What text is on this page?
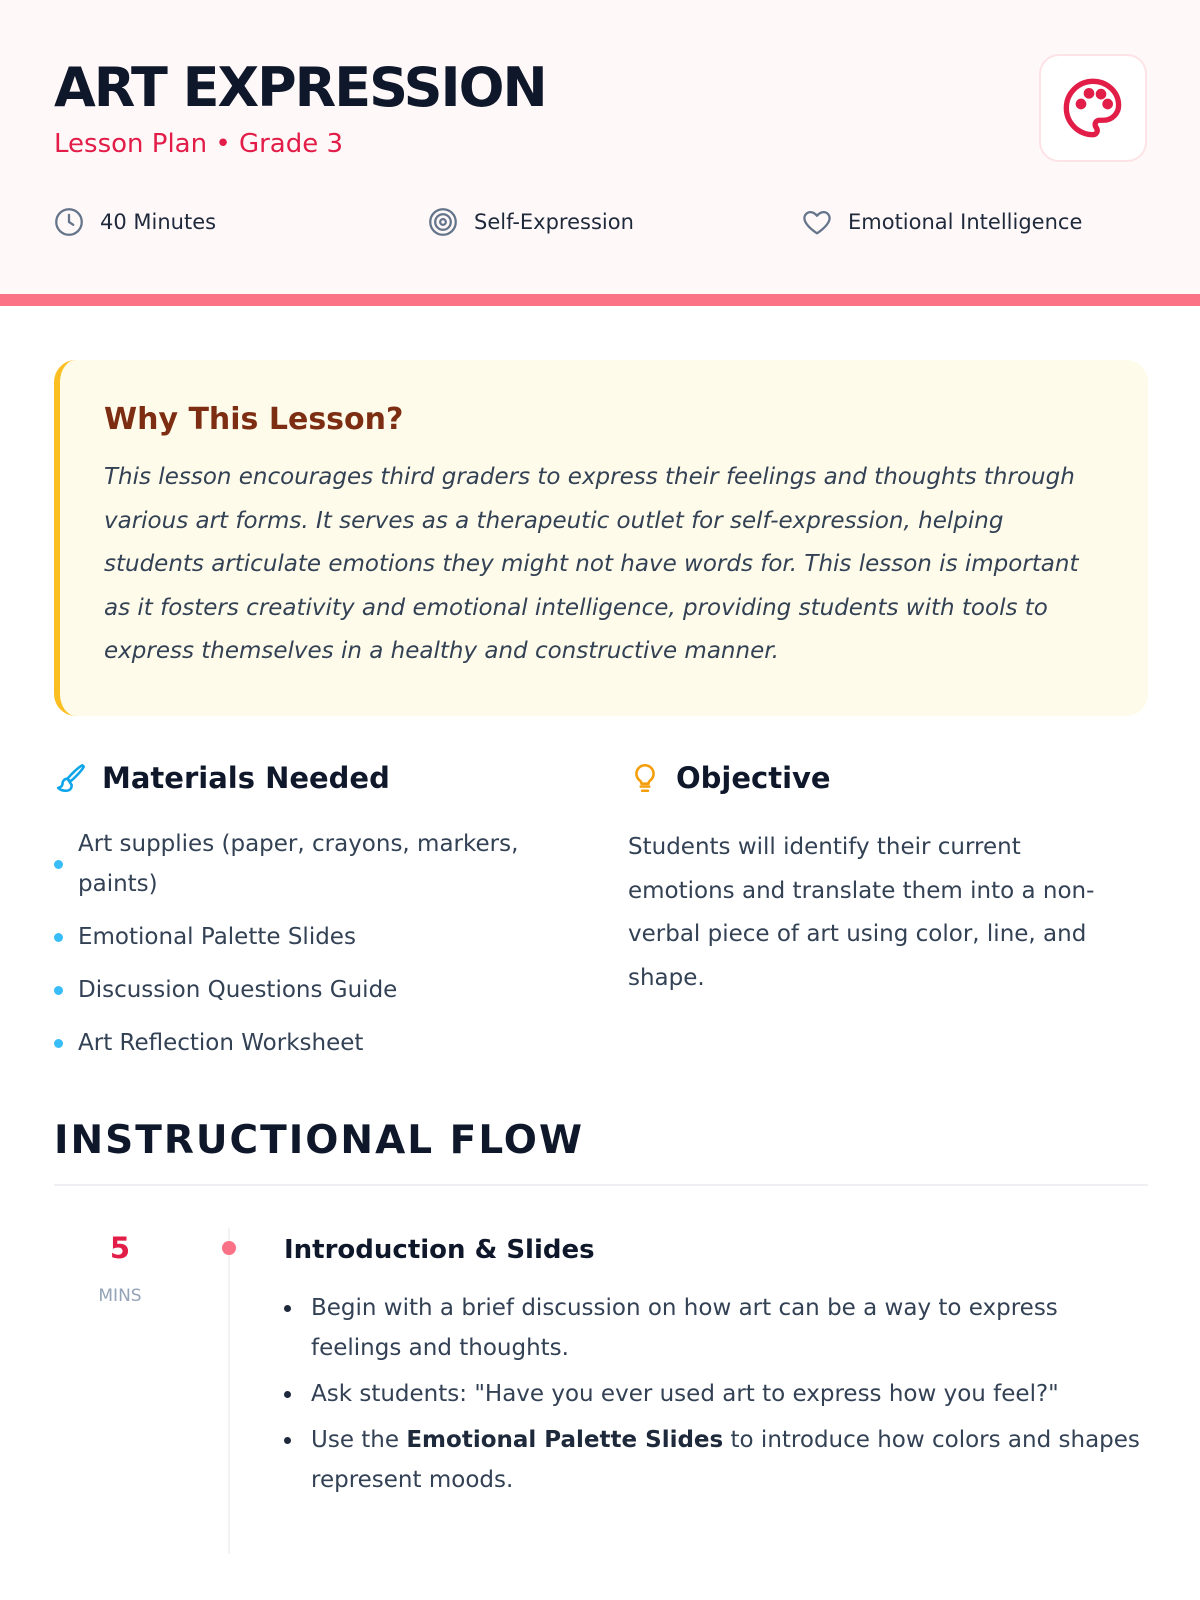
ART EXPRESSION
Lesson Plan • Grade 3
40 Minutes	Self-Expression	Emotional Intelligence
Why This Lesson?
This lesson encourages third graders to express their feelings and thoughts through various art forms. It serves as a therapeutic outlet for self-expression, helping students articulate emotions they might not have words for. This lesson is important as it fosters creativity and emotional intelligence, providing students with tools to express themselves in a healthy and constructive manner.
Materials Needed
Art supplies (paper, crayons, markers, paints)
Emotional Palette Slides
Discussion Questions Guide
Art Reflection Worksheet
Objective
Students will identify their current emotions and translate them into a non-verbal piece of art using color, line, and shape.
INSTRUCTIONAL FLOW
5
MINS
Introduction & Slides
Begin with a brief discussion on how art can be a way to express feelings and thoughts.
Ask students: "Have you ever used art to express how you feel?"
Use the Emotional Palette Slides to introduce how colors and shapes represent moods.
